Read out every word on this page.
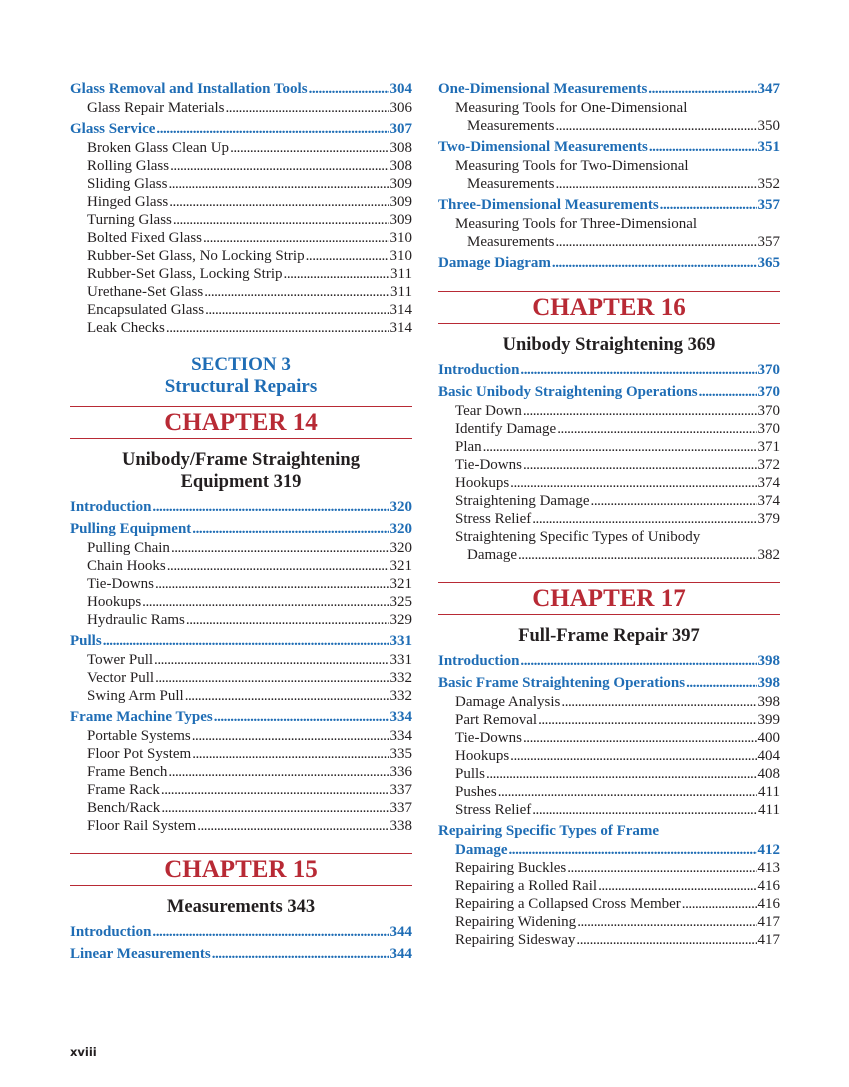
Glass Removal and Installation Tools . . .	304
Glass Repair Materials . . .	306
Glass Service . . .	307
Broken Glass Clean Up . . .	308
Rolling Glass . . .	308
Sliding Glass . . .	309
Hinged Glass . . .	309
Turning Glass . . .	309
Bolted Fixed Glass . . .	310
Rubber-Set Glass, No Locking Strip . . .	310
Rubber-Set Glass, Locking Strip . . .	311
Urethane-Set Glass . . .	311
Encapsulated Glass . . .	314
Leak Checks . . .	314
SECTION 3
Structural Repairs
CHAPTER 14
Unibody/Frame Straightening
Equipment 319
Introduction . . .	320
Pulling Equipment . . .	320
Pulling Chain . . .	320
Chain Hooks . . .	321
Tie-Downs . . .	321
Hookups . . .	325
Hydraulic Rams . . .	329
Pulls . . .	331
Tower Pull . . .	331
Vector Pull . . .	332
Swing Arm Pull . . .	332
Frame Machine Types . . .	334
Portable Systems . . .	334
Floor Pot System . . .	335
Frame Bench . . .	336
Frame Rack . . .	337
Bench/Rack . . .	337
Floor Rail System . . .	338
CHAPTER 15
Measurements 343
Introduction . . .	344
Linear Measurements . . .	344
One-Dimensional Measurements . . .	347
Measuring Tools for One-Dimensional
Measurements . . .	350
Two-Dimensional Measurements . . .	351
Measuring Tools for Two-Dimensional
Measurements . . .	352
Three-Dimensional Measurements . . .	357
Measuring Tools for Three-Dimensional
Measurements . . .	357
Damage Diagram . . .	365
CHAPTER 16
Unibody Straightening 369
Introduction . . .	370
Basic Unibody Straightening Operations . . .	370
Tear Down . . .	370
Identify Damage . . .	370
Plan . . .	371
Tie-Downs . . .	372
Hookups . . .	374
Straightening Damage . . .	374
Stress Relief . . .	379
Straightening Specific Types of Unibody
Damage . . .	382
CHAPTER 17
Full-Frame Repair 397
Introduction . . .	398
Basic Frame Straightening Operations . . .	398
Damage Analysis . . .	398
Part Removal . . .	399
Tie-Downs . . .	400
Hookups . . .	404
Pulls . . .	408
Pushes . . .	411
Stress Relief . . .	411
Repairing Specific Types of Frame
Damage . . .	412
Repairing Buckles . . .	413
Repairing a Rolled Rail . . .	416
Repairing a Collapsed Cross Member . . .	416
Repairing Widening . . .	417
Repairing Sidesway . . .	417
xviii
